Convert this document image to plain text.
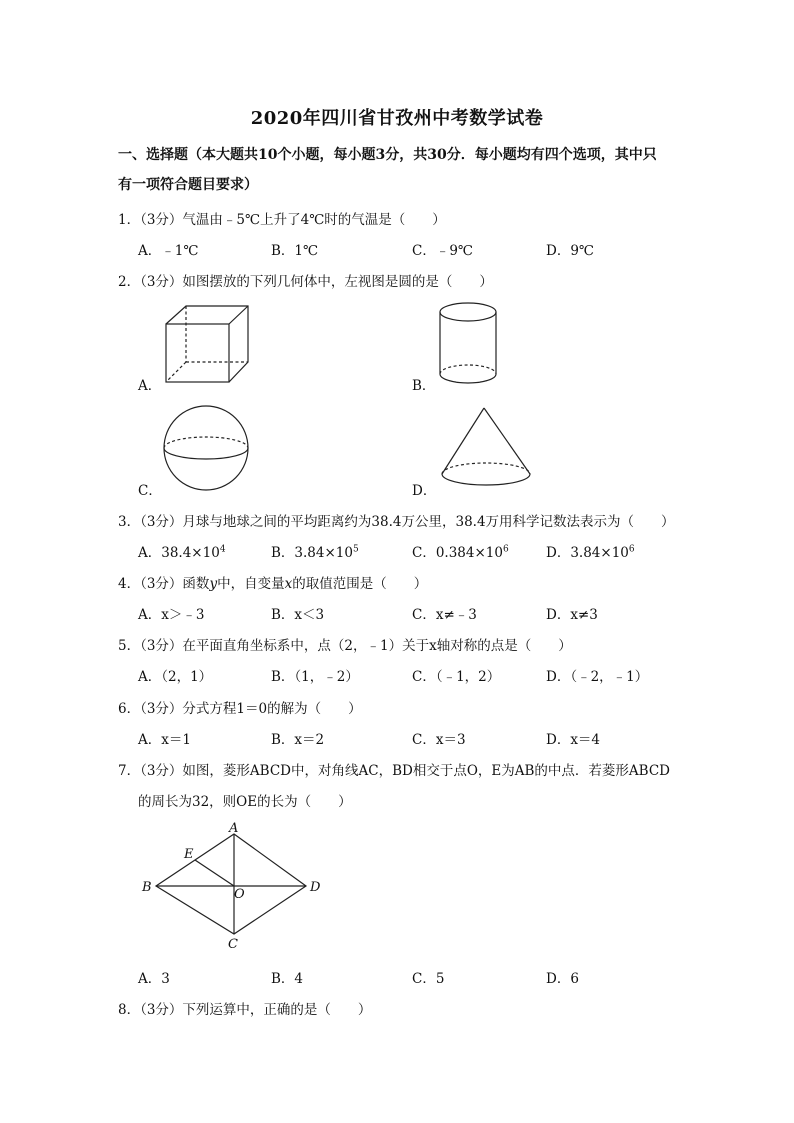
2020年四川省甘孜州中考数学试卷
一、选择题（本大题共10个小题，每小题3分，共30分．每小题均有四个选项，其中只
有一项符合题目要求）
1．（3分）气温由﹣5℃上升了4℃时的气温是（　　）
A．﹣1℃	B．1℃	C．﹣9℃	D．9℃
2．（3分）如图摆放的下列几何体中，左视图是圆的是（　　）
A．	B．
C．	D．
3．（3分）月球与地球之间的平均距离约为38.4万公里，38.4万用科学记数法表示为（　　）
A．$38.4\times 10^4$	B．$3.84\times 10^5$	C．$0.384\times 10^6$	D．$3.84\times 10^6$
4．（3分）函数y中，自变量x的取值范围是（　　）
A．x＞﹣3	B．x＜3	C．x≠﹣3	D．x≠3
5．（3分）在平面直角坐标系中，点（2，﹣1）关于x轴对称的点是（　　）
A．（2，1）	B．（1，﹣2）	C．（﹣1，2）	D．（﹣2，﹣1）
6．（3分）分式方程1＝0的解为（　　）
A．x＝1	B．x＝2	C．x＝3	D．x＝4
7．（3分）如图，菱形ABCD中，对角线AC，BD相交于点O，E为AB的中点．若菱形ABCD
的周长为32，则OE的长为（　　）
A
B
C
D
E
O
A．3	B．4	C．5	D．6
8．（3分）下列运算中，正确的是（　　）
